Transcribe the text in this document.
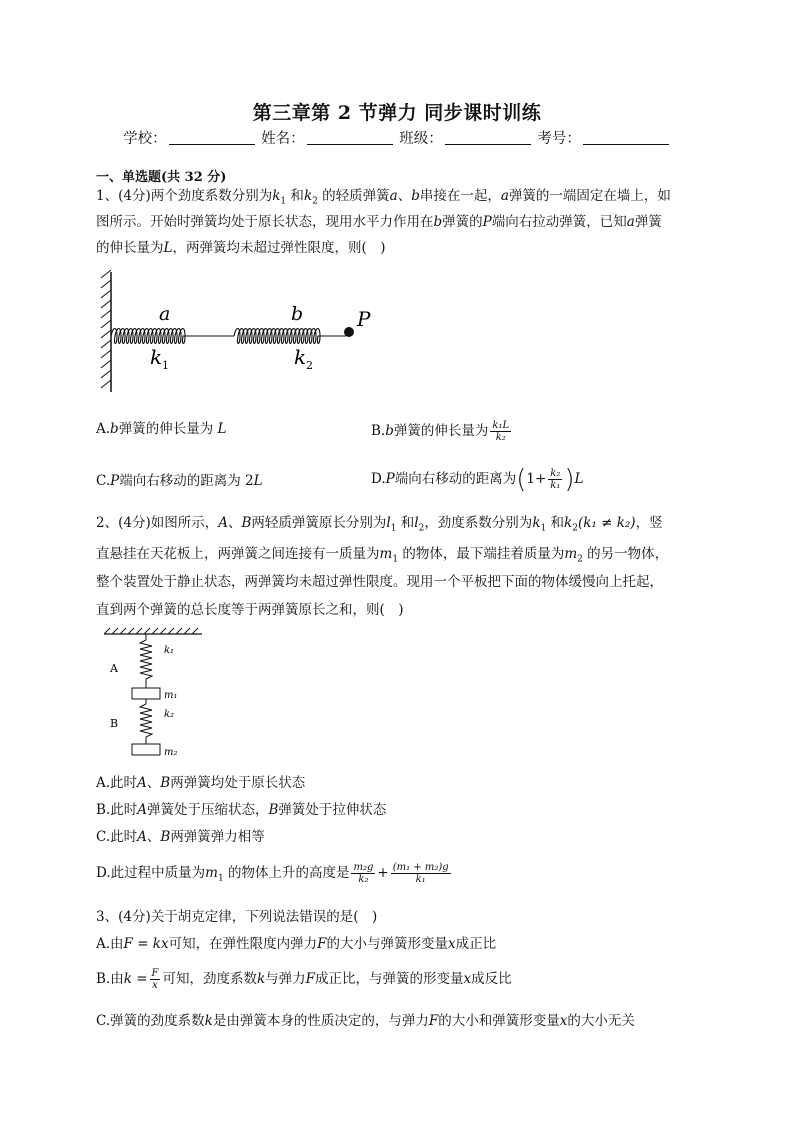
第三章第 2 节弹力 同步课时训练
学校：	姓名：	班级：	考号：
一、单选题(共 32 分)
1、(4分)两个劲度系数分别为$k_1$ 和$k_2$ 的轻质弹簧a、b串接在一起，a弹簧的一端固定在墙上，如
图所示。开始时弹簧均处于原长状态，现用水平力作用在b弹簧的P端向右拉动弹簧，已知a弹簧
的伸长量为L，两弹簧均未超过弹性限度，则(　)
a	b	P
k 1	k 2
A.b弹簧的伸长量为 L	B.b弹簧的伸长量为 $\frac{\text{k₁L}}{\text{k₂}}$
C.P端向右移动的距离为 2L	D.P端向右移动的距离为$(1+ \frac{\text{k₂}}{\text{k₁}} )L$
2、(4分)如图所示，A、B两轻质弹簧原长分别为$l_1$ 和$l_2$，劲度系数分别为$k_1$ 和$k_2(k_1 \ne k_2)$，竖
直悬挂在天花板上，两弹簧之间连接有一质量为$m_1$ 的物体，最下端挂着质量为$m_2$ 的另一物体，
整个装置处于静止状态，两弹簧均未超过弹性限度。现用一个平板把下面的物体缓慢向上托起，
直到两个弹簧的总长度等于两弹簧原长之和，则(　)
A
B
k₁
m₁
k₂
m₂
A.此时A、B两弹簧均处于原长状态
B.此时A弹簧处于压缩状态，B弹簧处于拉伸状态
C.此时A、B两弹簧弹力相等
D.此过程中质量为$m_1$ 的物体上升的高度是 $\frac{\text{m₂g}}{\text{k₂}} + \frac{\text{(m₁ + m₂)g}}{\text{k₁}}$
3、(4分)关于胡克定律，下列说法错误的是(　)
A.由F = kx可知，在弹性限度内弹力F的大小与弹簧形变量x成正比
B.由$k = \frac{F}{x}$ 可知，劲度系数k与弹力F成正比，与弹簧的形变量x成反比
C.弹簧的劲度系数k是由弹簧本身的性质决定的，与弹力F的大小和弹簧形变量x的大小无关
